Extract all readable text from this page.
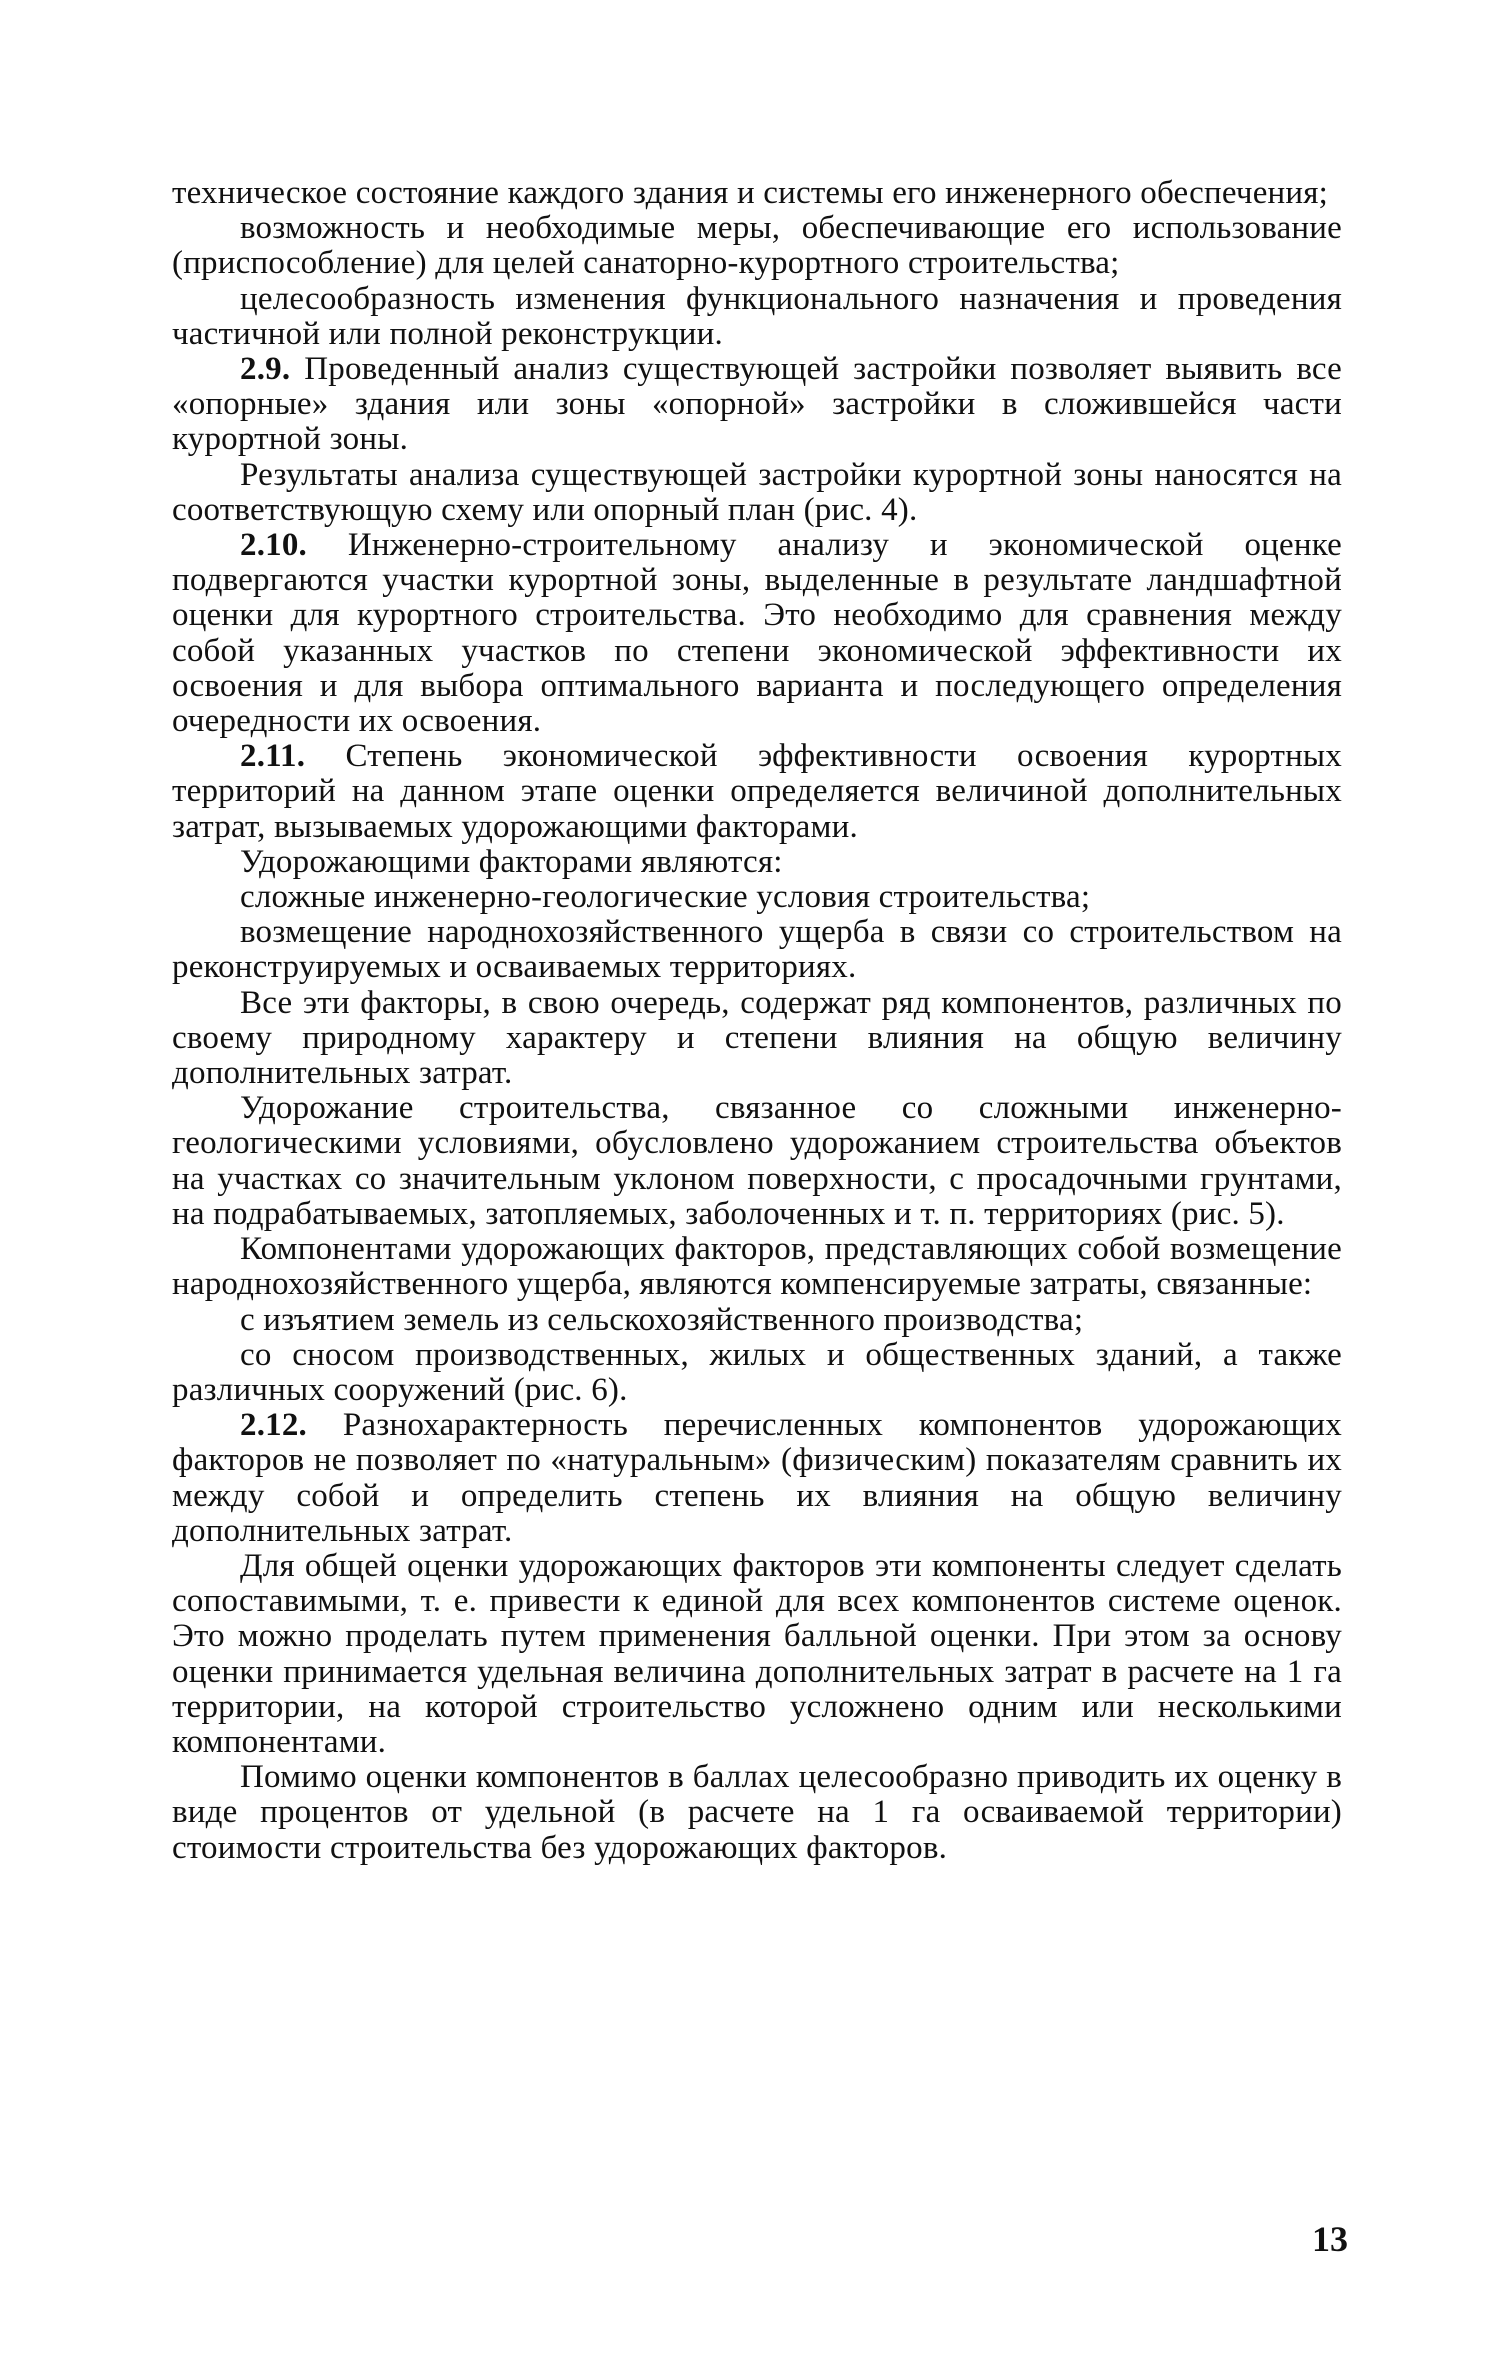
техническое состояние каждого здания и системы его инженерного обеспечения;

возможность и необходимые меры, обеспечивающие его использование (приспособление) для целей санаторно-курортного строительства;

целесообразность изменения функционального назначения и проведения частичной или полной реконструкции.

2.9. Проведенный анализ существующей застройки позволяет выявить все «опорные» здания или зоны «опорной» застройки в сложившейся части курортной зоны.

Результаты анализа существующей застройки курортной зоны наносятся на соответствующую схему или опорный план (рис. 4).

2.10. Инженерно-строительному анализу и экономической оценке подвергаются участки курортной зоны, выделенные в результате ландшафтной оценки для курортного строительства. Это необходимо для сравнения между собой указанных участков по степени экономической эффективности их освоения и для выбора оптимального варианта и последующего определения очередности их освоения.

2.11. Степень экономической эффективности освоения курортных территорий на данном этапе оценки определяется величиной дополнительных затрат, вызываемых удорожающими факторами.

Удорожающими факторами являются:

сложные инженерно-геологические условия строительства;

возмещение народнохозяйственного ущерба в связи со строительством на реконструируемых и осваиваемых территориях.

Все эти факторы, в свою очередь, содержат ряд компонентов, различных по своему природному характеру и степени влияния на общую величину дополнительных затрат.

Удорожание строительства, связанное со сложными инженерно-геологическими условиями, обусловлено удорожанием строительства объектов на участках со значительным уклоном поверхности, с просадочными грунтами, на подрабатываемых, затопляемых, заболоченных и т. п. территориях (рис. 5).

Компонентами удорожающих факторов, представляющих собой возмещение народнохозяйственного ущерба, являются компенсируемые затраты, связанные:

с изъятием земель из сельскохозяйственного производства;

со сносом производственных, жилых и общественных зданий, а также различных сооружений (рис. 6).

2.12. Разнохарактерность перечисленных компонентов удорожающих факторов не позволяет по «натуральным» (физическим) показателям сравнить их между собой и определить степень их влияния на общую величину дополнительных затрат.

Для общей оценки удорожающих факторов эти компоненты следует сделать сопоставимыми, т. е. привести к единой для всех компонентов системе оценок. Это можно проделать путем применения балльной оценки. При этом за основу оценки принимается удельная величина дополнительных затрат в расчете на 1 га территории, на которой строительство усложнено одним или несколькими компонентами.

Помимо оценки компонентов в баллах целесообразно приводить их оценку в виде процентов от удельной (в расчете на 1 га осваиваемой территории) стоимости строительства без удорожающих факторов.

13
